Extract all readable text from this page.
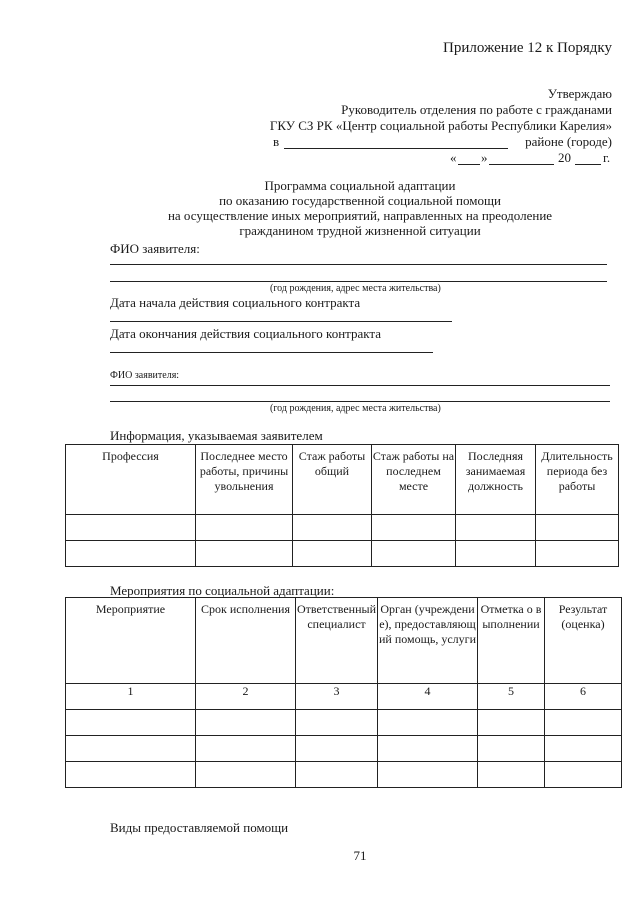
Приложение 12 к Порядку
Утверждаю
Руководитель отделения по работе с гражданами
ГКУ СЗ РК «Центр социальной работы Республики Карелия»
в	районе (городе)
« »	20 г.
Программа социальной адаптации
по оказанию государственной социальной помощи
на осуществление иных мероприятий, направленных на преодоление
гражданином трудной жизненной ситуации
ФИО заявителя:
(год рождения, адрес места жительства)
Дата начала действия социального контракта
Дата окончания действия социального контракта
ФИО заявителя:
(год рождения, адрес места жительства)
Информация, указываемая заявителем
Профессия	Последнее место работы, причины увольнения	Стаж работы общий	Стаж работы на последнем месте	Последняя занимаемая должность	Длительность периода без работы

Мероприятия по социальной адаптации:
Мероприятие	Срок исполнения	Ответственный специалист	Орган (учреждение), предоставляющий помощь, услуги	Отметка о выполнении	Результат (оценка)
1	2	3	4	5	6

Виды предоставляемой помощи
71
